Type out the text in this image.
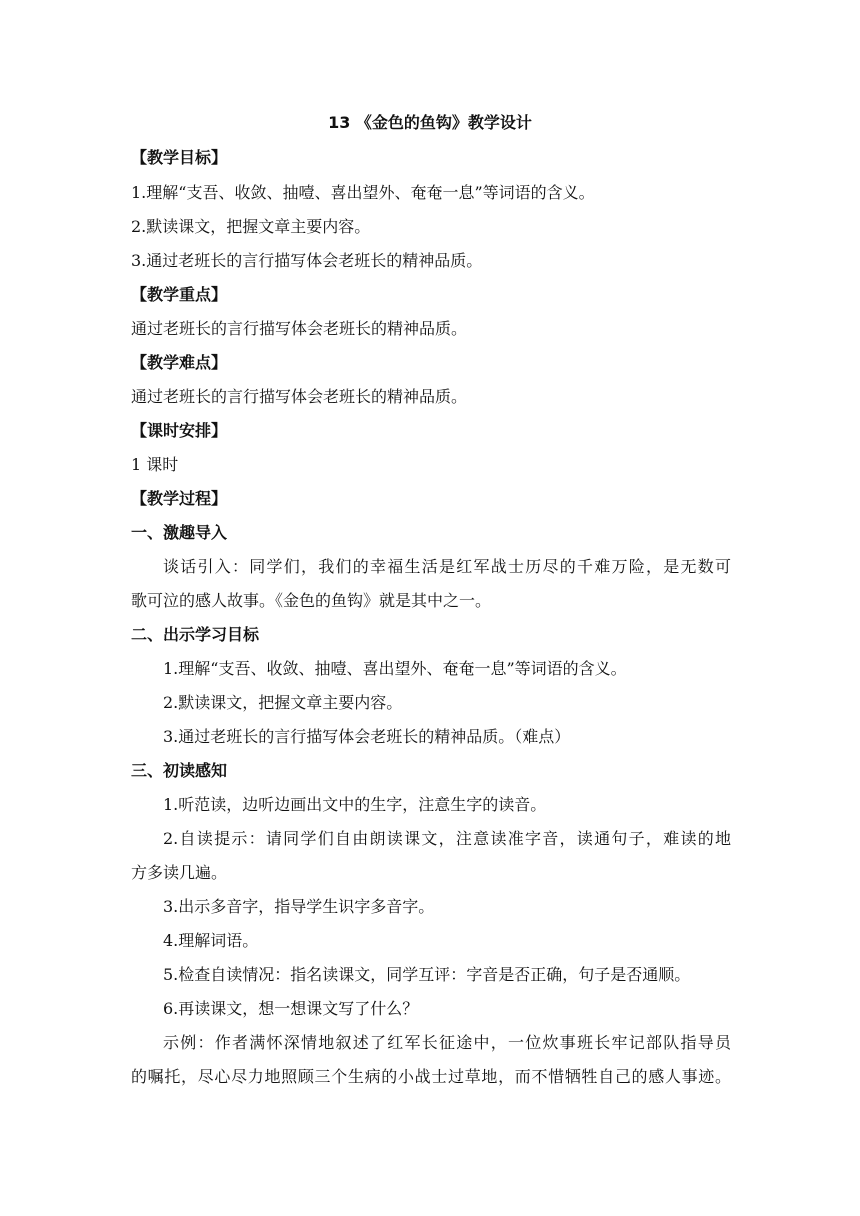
13 《金色的鱼钩》教学设计
【教学目标】
1.理解“支吾、收敛、抽噎、喜出望外、奄奄一息”等词语的含义。
2.默读课文，把握文章主要内容。
3.通过老班长的言行描写体会老班长的精神品质。
【教学重点】
通过老班长的言行描写体会老班长的精神品质。
【教学难点】
通过老班长的言行描写体会老班长的精神品质。
【课时安排】
1 课时
【教学过程】
一、激趣导入
谈话引入：同学们，我们的幸福生活是红军战士历尽的千难万险，是无数可
歌可泣的感人故事。《金色的鱼钩》就是其中之一。
二、出示学习目标
1.理解“支吾、收敛、抽噎、喜出望外、奄奄一息”等词语的含义。
2.默读课文，把握文章主要内容。
3.通过老班长的言行描写体会老班长的精神品质。（难点）
三、初读感知
1.听范读，边听边画出文中的生字，注意生字的读音。
2.自读提示：请同学们自由朗读课文，注意读准字音，读通句子，难读的地
方多读几遍。
3.出示多音字，指导学生识字多音字。
4.理解词语。
5.检查自读情况：指名读课文，同学互评：字音是否正确，句子是否通顺。
6.再读课文，想一想课文写了什么？
示例：作者满怀深情地叙述了红军长征途中，一位炊事班长牢记部队指导员
的嘱托，尽心尽力地照顾三个生病的小战士过草地，而不惜牺牲自己的感人事迹。
